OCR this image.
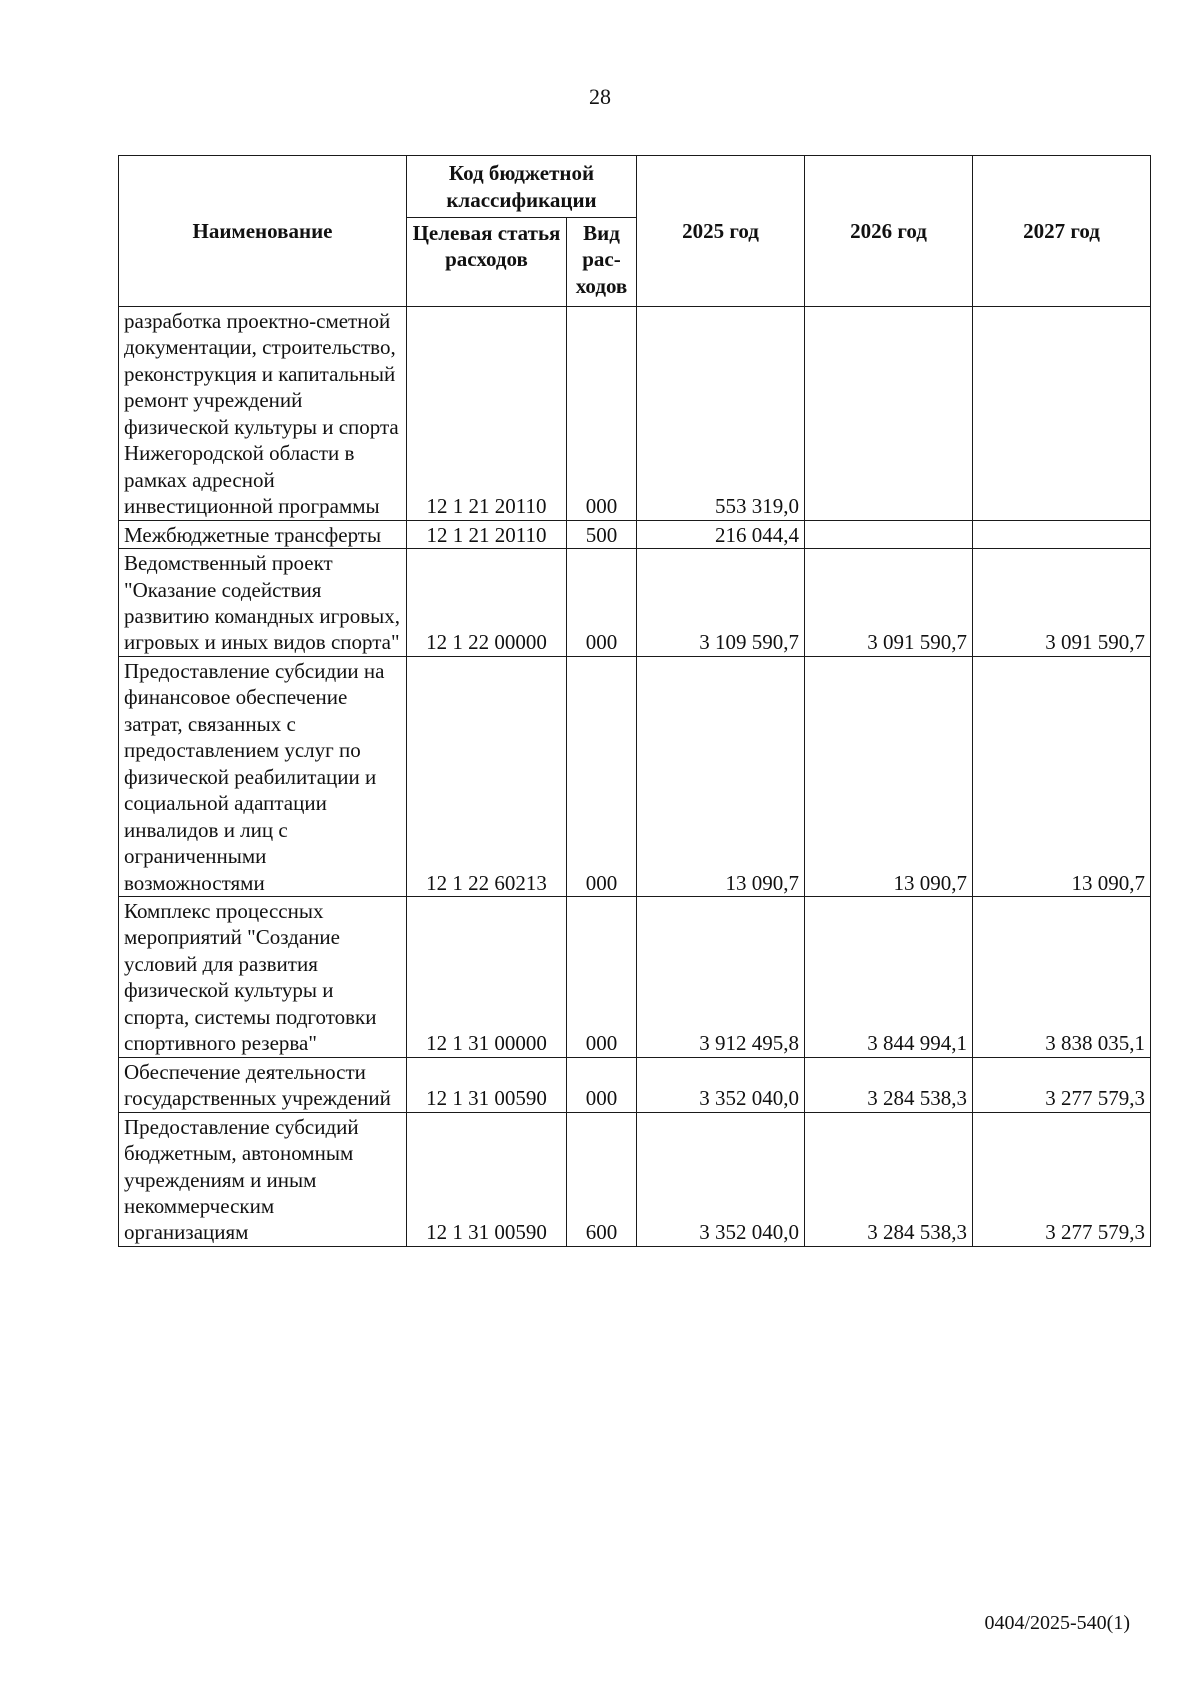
28
Наименование	Код бюджетной классификации		2025 год	2026 год	2027 год
	Целевая статья расходов	Вид рас-ходов			
разработка проектно-сметной документации, строительство, реконструкция и капитальный ремонт учреждений физической культуры и спорта Нижегородской области в рамках адресной инвестиционной программы	12 1 21 20110	000	553 319,0		
Межбюджетные трансферты	12 1 21 20110	500	216 044,4		
Ведомственный проект "Оказание содействия развитию командных игровых, игровых и иных видов спорта"	12 1 22 00000	000	3 109 590,7	3 091 590,7	3 091 590,7
Предоставление субсидии на финансовое обеспечение затрат, связанных с предоставлением услуг по физической реабилитации и социальной адаптации инвалидов и лиц с ограниченными возможностями	12 1 22 60213	000	13 090,7	13 090,7	13 090,7
Комплекс процессных мероприятий "Создание условий для развития физической культуры и спорта, системы подготовки спортивного резерва"	12 1 31 00000	000	3 912 495,8	3 844 994,1	3 838 035,1
Обеспечение деятельности государственных учреждений	12 1 31 00590	000	3 352 040,0	3 284 538,3	3 277 579,3
Предоставление субсидий бюджетным, автономным учреждениям и иным некоммерческим организациям	12 1 31 00590	600	3 352 040,0	3 284 538,3	3 277 579,3
0404/2025-540(1)
